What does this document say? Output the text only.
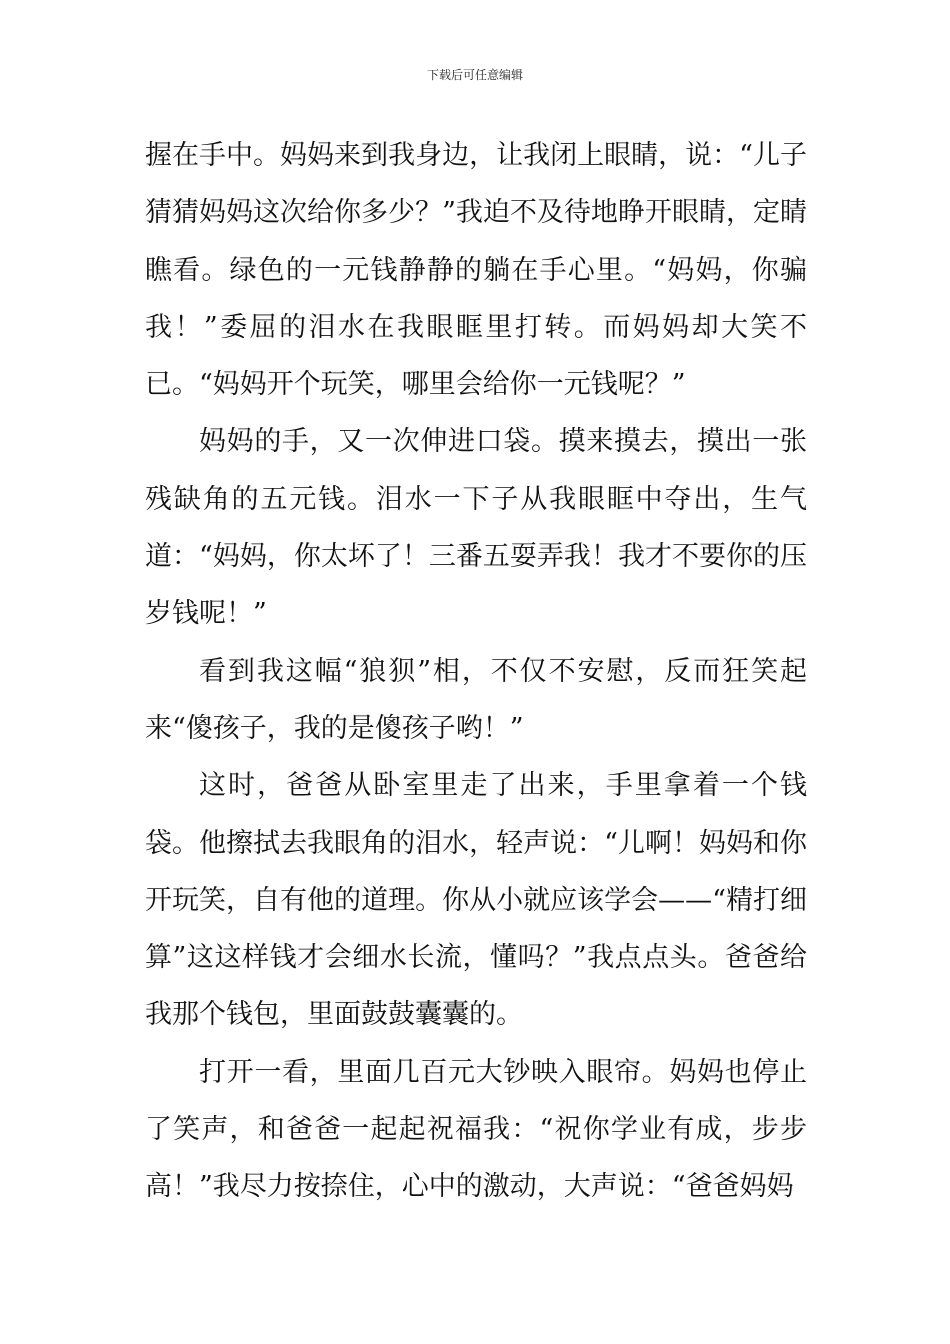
下载后可任意编辑

握在手中。妈妈来到我身边，让我闭上眼睛，说：“儿子猜猜妈妈这次给你多少？”我迫不及待地睁开眼睛，定睛瞧看。绿色的一元钱静静的躺在手心里。“妈妈，你骗我！”委屈的泪水在我眼眶里打转。而妈妈却大笑不已。“妈妈开个玩笑，哪里会给你一元钱呢？”

妈妈的手，又一次伸进口袋。摸来摸去，摸出一张残缺角的五元钱。泪水一下子从我眼眶中夺出，生气道：“妈妈，你太坏了！三番五耍弄我！我才不要你的压岁钱呢！”

看到我这幅“狼狈”相，不仅不安慰，反而狂笑起来“傻孩子，我的是傻孩子哟！”

这时，爸爸从卧室里走了出来，手里拿着一个钱袋。他擦拭去我眼角的泪水，轻声说：“儿啊！妈妈和你开玩笑，自有他的道理。你从小就应该学会——“精打细算”这这样钱才会细水长流，懂吗？”我点点头。爸爸给我那个钱包，里面鼓鼓囊囊的。

打开一看，里面几百元大钞映入眼帘。妈妈也停止了笑声，和爸爸一起起祝福我：“祝你学业有成，步步高！”我尽力按捺住，心中的激动，大声说：“爸爸妈妈
